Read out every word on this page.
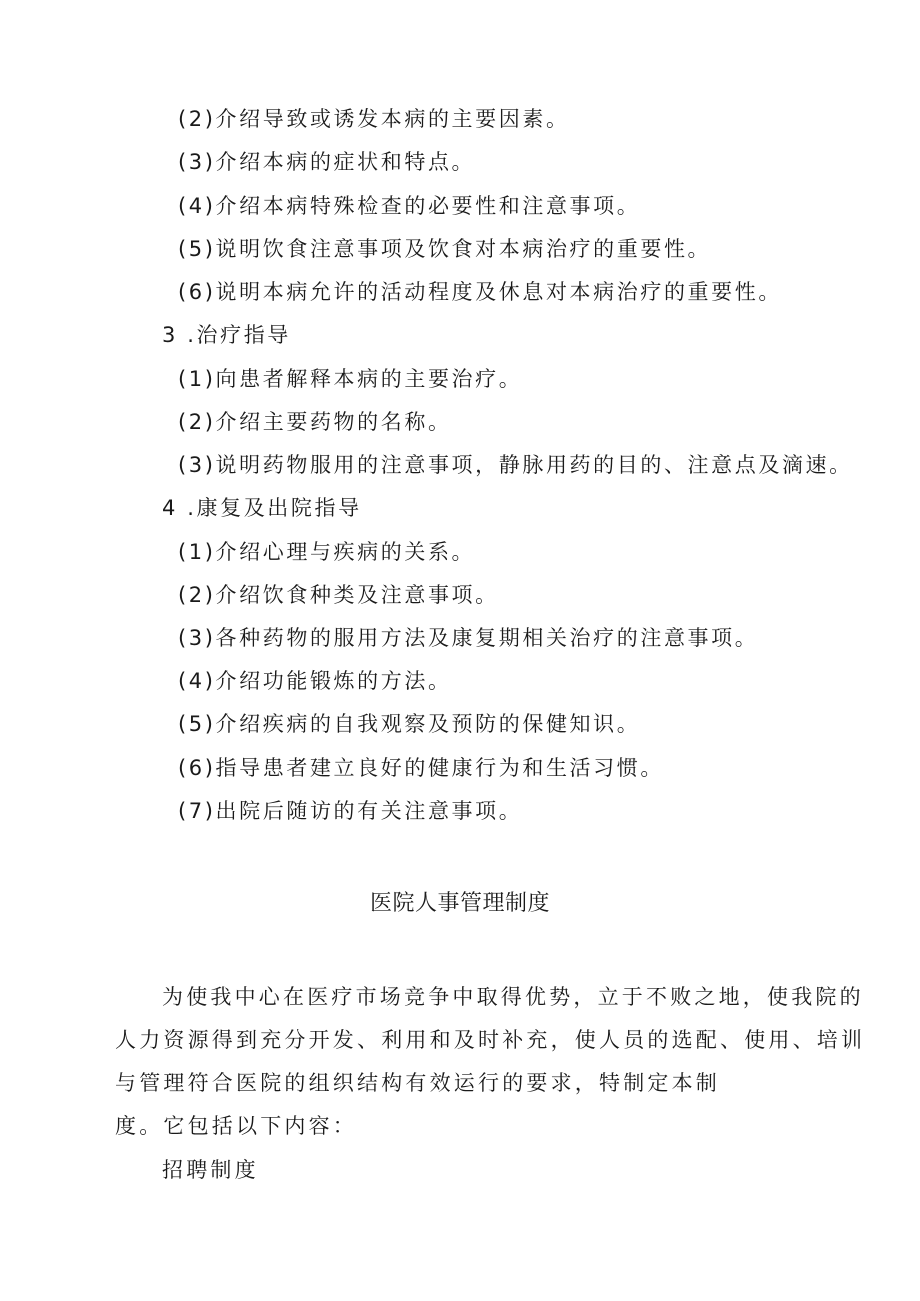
(2)介绍导致或诱发本病的主要因素。
(3)介绍本病的症状和特点。
(4)介绍本病特殊检查的必要性和注意事项。
(5)说明饮食注意事项及饮食对本病治疗的重要性。
(6)说明本病允许的活动程度及休息对本病治疗的重要性。
3 .治疗指导
(1)向患者解释本病的主要治疗。
(2)介绍主要药物的名称。
(3)说明药物服用的注意事项，静脉用药的目的、注意点及滴速。
4 .康复及出院指导
(1)介绍心理与疾病的关系。
(2)介绍饮食种类及注意事项。
(3)各种药物的服用方法及康复期相关治疗的注意事项。
(4)介绍功能锻炼的方法。
(5)介绍疾病的自我观察及预防的保健知识。
(6)指导患者建立良好的健康行为和生活习惯。
(7)出院后随访的有关注意事项。
医院人事管理制度
为使我中心在医疗市场竞争中取得优势，立于不败之地，使我院的
人力资源得到充分开发、利用和及时补充，使人员的选配、使用、培训
与管理符合医院的组织结构有效运行的要求，特制定本制
度。它包括以下内容：
招聘制度
